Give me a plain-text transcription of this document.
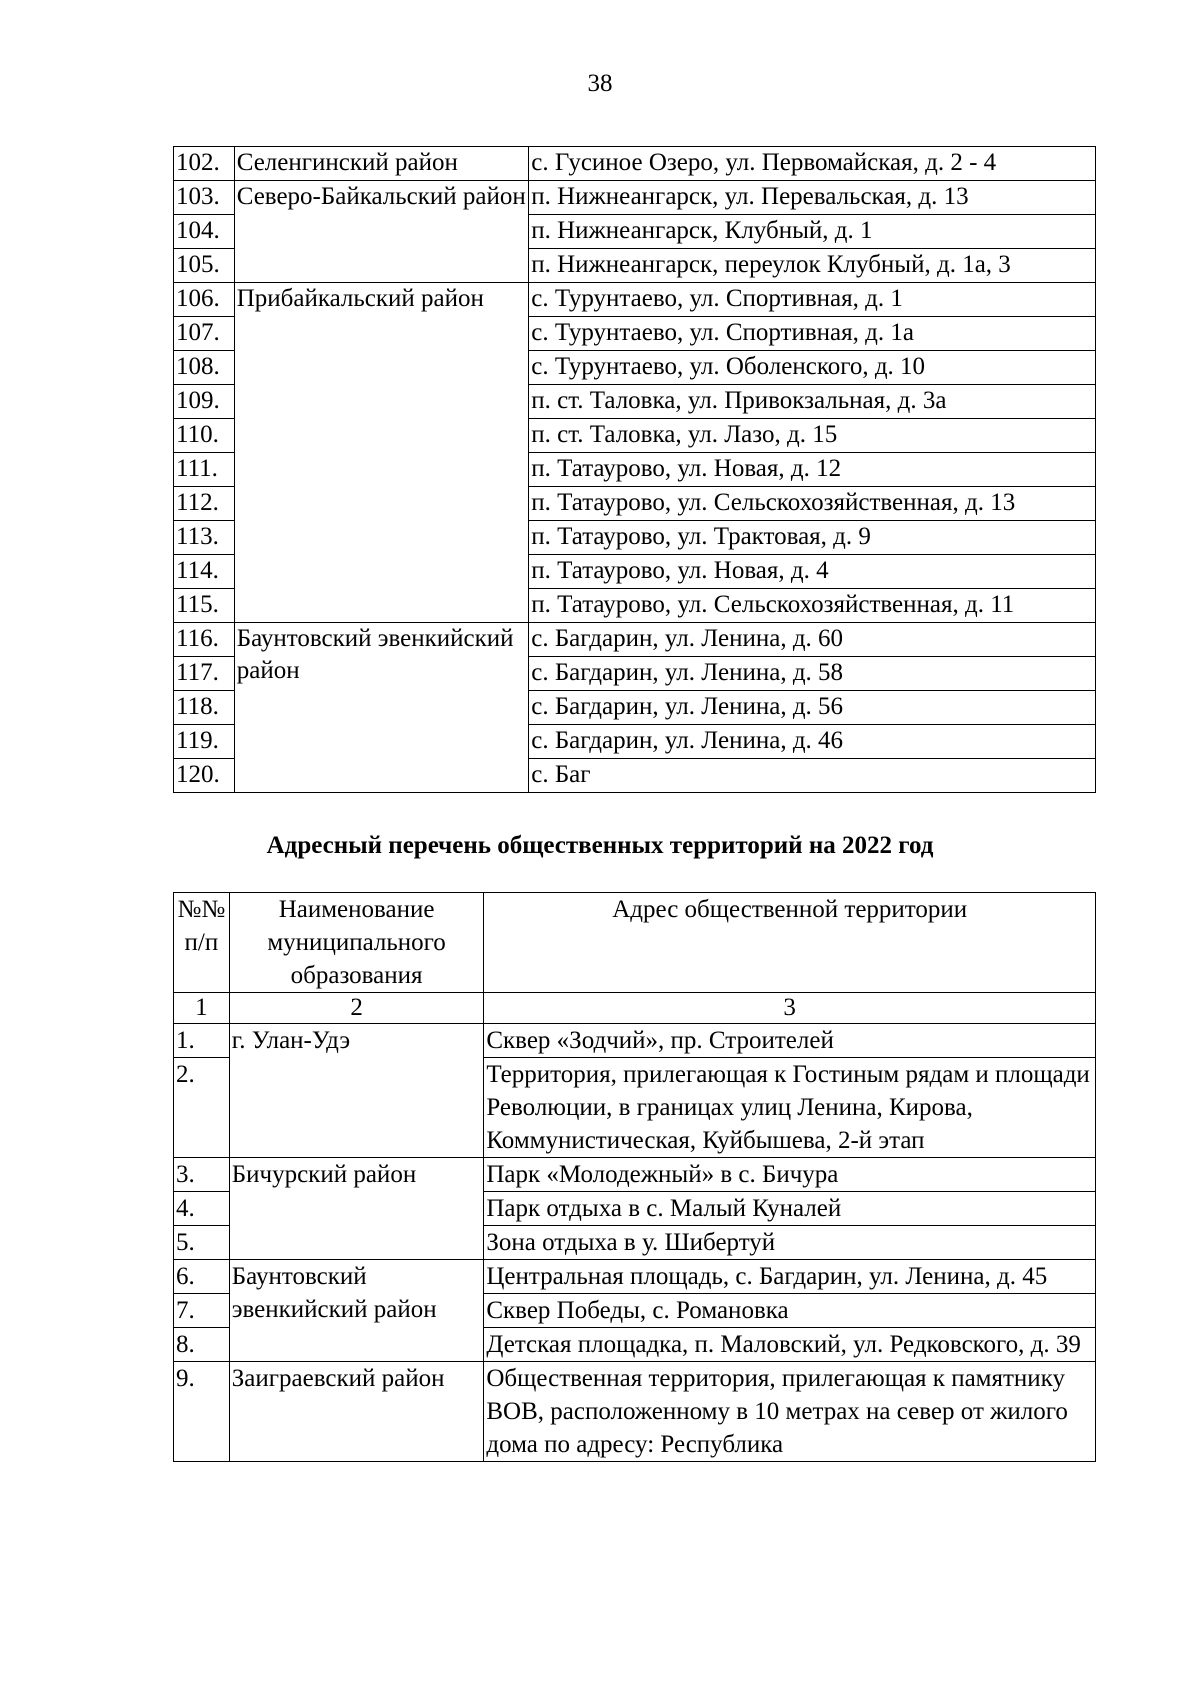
38
102.	Селенгинский район	с. Гусиное Озеро, ул. Первомайская, д. 2 - 4
103.	Северо-Байкальский район	п. Нижнеангарск, ул. Перевальская, д. 13
104.		п. Нижнеангарск, Клубный, д. 1
105.		п. Нижнеангарск, переулок Клубный, д. 1а, 3
106.	Прибайкальский район	с. Турунтаево, ул. Спортивная, д. 1
107.		с. Турунтаево, ул. Спортивная, д. 1а
108.		с. Турунтаево, ул. Оболенского, д. 10
109.		п. ст. Таловка, ул. Привокзальная, д. 3а
110.		п. ст. Таловка, ул. Лазо, д. 15
111.		п. Татаурово, ул. Новая, д. 12
112.		п. Татаурово, ул. Сельскохозяйственная, д. 13
113.		п. Татаурово, ул. Трактовая, д. 9
114.		п. Татаурово, ул. Новая, д. 4
115.		п. Татаурово, ул. Сельскохозяйственная, д. 11
116.	Баунтовский эвенкийский район	с. Багдарин, ул. Ленина, д. 60
117.		с. Багдарин, ул. Ленина, д. 58
118.		с. Багдарин, ул. Ленина, д. 56
119.		с. Багдарин, ул. Ленина, д. 46
120.		с. Баг
Адресный перечень общественных территорий на 2022 год
№№ п/п	Наименование муниципального образования	Адрес общественной территории
1	2	3
1.	г. Улан-Удэ	Сквер «Зодчий», пр. Строителей
2.		Территория, прилегающая к Гостиным рядам и площади Революции, в границах улиц Ленина, Кирова, Коммунистическая, Куйбышева, 2-й этап
3.	Бичурский район	Парк «Молодежный» в с. Бичура
4.		Парк отдыха в с. Малый Куналей
5.		Зона отдыха в у. Шибертуй
6.	Баунтовский эвенкийский район	Центральная площадь, с. Багдарин, ул. Ленина, д. 45
7.		Сквер Победы, с. Романовка
8.		Детская площадка, п. Маловский, ул. Редковского, д. 39
9.	Заиграевский район	Общественная территория, прилегающая к памятнику ВОВ, расположенному в 10 метрах на север от жилого дома по адресу: Республика
